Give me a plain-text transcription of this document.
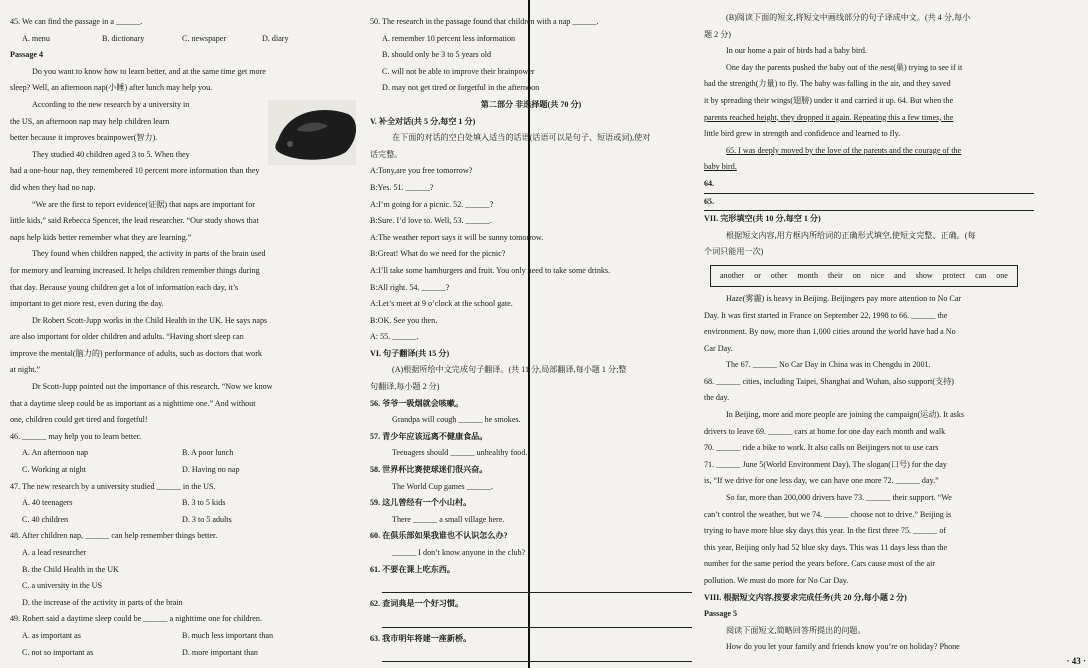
45. We can find the passage in a ______.
A. menu	B. dictionary	C. newspaper	D. diary
Passage 4
Do you want to know how to learn better, and at the same time get more
sleep? Well, an afternoon nap(小睡) after lunch may help you.
According to the new research by a university in
the US, an afternoon nap may help children learn
better because it improves brainpower(智力).
They studied 40 children aged 3 to 5. When they
had a one-hour nap, they remembered 10 percent more information than they
did when they had no nap.
“We are the first to report evidence(证据) that naps are important for
little kids,” said Rebecca Spencer, the lead researcher. “Our study shows that
naps help kids better remember what they are learning.”
They found when children napped, the activity in parts of the brain used
for memory and learning increased. It helps children remember things during
that day. Because young children get a lot of information each day, it’s
important to get more rest, even during the day.
Dr Robert Scott-Jupp works in the Child Health in the UK. He says naps
are also important for older children and adults. “Having short sleep can
improve the mental(脑力的) performance of adults, such as doctors that work
at night.”
Dr Scott-Jupp pointed out the importance of this research. “Now we know
that a daytime sleep could be as important as a nighttime one.” And without
one, children could get tired and forgetful!
46. ______ may help you to learn better.
A. An afternoon nap	B. A poor lunch
C. Working at night	D. Having no nap
47. The new research by a university studied ______ in the US.
A. 40 teenagers	B. 3 to 5 kids
C. 40 children	D. 3 to 5 adults
48. After children nap, ______ can help remember things better.
A. a lead researcher
B. the Child Health in the UK
C. a university in the US
D. the increase of the activity in parts of the brain
49. Robert said a daytime sleep could be ______ a nighttime one for children.
A. as important as	B. much less important than
C. not so important as	D. more important than
50. The research in the passage found that children with a nap ______.
A. remember 10 percent less information
B. should only be 3 to 5 years old
C. will not be able to improve their brainpower
D. may not get tired or forgetful in the afternoon
第二部分 非选择题(共 70 分)
V. 补全对话(共 5 分,每空 1 分)
在下面的对话的空白处填入适当的话语(话语可以是句子、短语或词),使对
话完整。
A:Tony,are you free tomorrow?
B:Yes. 51. ______?
A:I’m going for a picnic. 52. ______?
B:Sure. I’d love to. Well, 53. ______.
A:The weather report says it will be sunny tomorrow.
B:Great! What do we need for the picnic?
A:I’ll take some hamburgers and fruit. You only need to take some drinks.
B:All right. 54. ______?
A:Let’s meet at 9 o’clock at the school gate.
B:OK. See you then.
A: 55. ______.
VI. 句子翻译(共 15 分)
(A)根据所给中文完成句子翻译。(共 11 分,局部翻译,每小题 1 分;整
句翻译,每小题 2 分)
56. 爷爷一吸烟就会咳嗽。
Grandpa will cough ______ he smokes.
57. 青少年应该远离不健康食品。
Teenagers should ______ unhealthy food.
58. 世界杯比赛使球迷们很兴奋。
The World Cup games ______.
59. 这儿曾经有一个小山村。
There ______ a small village here.
60. 在俱乐部如果我谁也不认识怎么办?
______ I don’t know anyone in the club?
61. 不要在课上吃东西。
62. 查词典是一个好习惯。
63. 我市明年将建一座新桥。
(B)阅读下面的短文,将短文中画线部分的句子译成中文。(共 4 分,每小
题 2 分)
In our home a pair of birds had a baby bird.
One day the parents pushed the baby out of the nest(巢) trying to see if it
had the strength(力量) to fly. The baby was falling in the air, and they saved
it by spreading their wings(翅膀) under it and carried it up. 64. But when the
parents reached height, they dropped it again. Repeating this a few times, the
little bird grew in strength and confidence and learned to fly.
65. I was deeply moved by the love of the parents and the courage of the
baby bird.
64.
65.
VII. 完形填空(共 10 分,每空 1 分)
根据短文内容,用方框内所给词的正确形式填空,使短文完整、正确。(每
个词只能用一次)
another or other month their on nice and show protect can one
Haze(雾霾) is heavy in Beijing. Beijingers pay more attention to No Car
Day. It was first started in France on September 22, 1998 to 66. ______ the
environment. By now, more than 1,000 cities around the world have had a No
Car Day.
The 67. ______ No Car Day in China was in Chengdu in 2001.
68. ______ cities, including Taipei, Shanghai and Wuhan, also support(支持)
the day.
In Beijing, more and more people are joining the campaign(运动). It asks
drivers to leave 69. ______ cars at home for one day each month and walk
70. ______ ride a bike to work. It also calls on Beijingers not to use cars
71. ______ June 5(World Environment Day). The slogan(口号) for the day
is, “If we drive for one less day, we can have one more 72. ______ day.”
So far, more than 200,000 drivers have 73. ______ their support. “We
can’t control the weather, but we 74. ______ choose not to drive.” Beijing is
trying to have more blue sky days this year. In the first three 75. ______ of
this year, Beijing only had 52 blue sky days. This was 11 days less than the
number for the same period the years before. Cars cause most of the air
pollution. We must do more for No Car Day.
VIII. 根据短文内容,按要求完成任务(共 20 分,每小题 2 分)
Passage 5
阅读下面短文,简略回答所提出的问题。
How do you let your family and friends know you’re on holiday? Phone
· 43 ·
